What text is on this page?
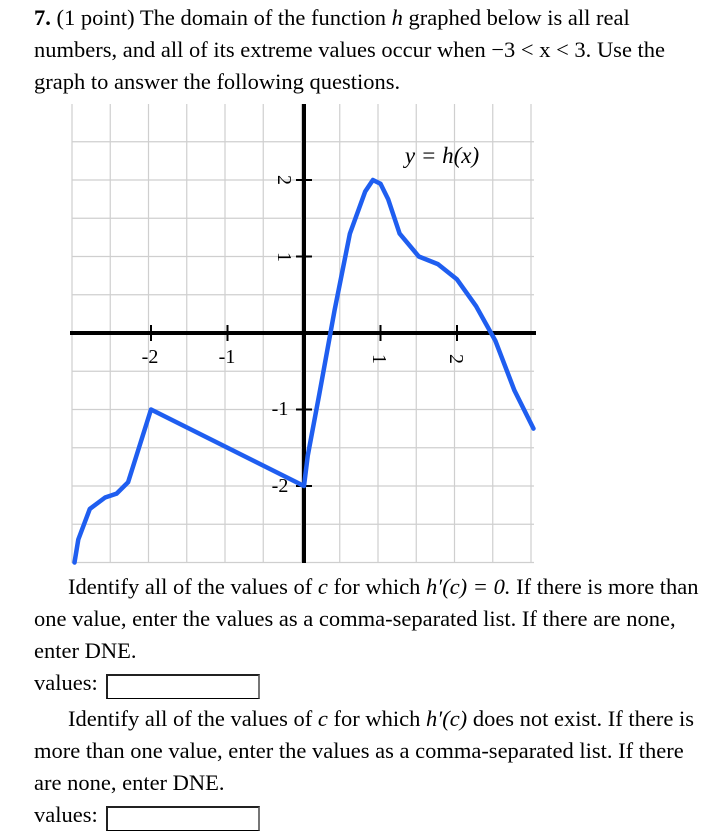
7. (1 point) The domain of the function h graphed below is all real numbers, and all of its extreme values occur when −3 < x < 3. Use the graph to answer the following questions.
-2	-1	1	2
2
1
-1
-2
y = h(x)
Identify all of the values of c for which h′(c) = 0. If there is more than one value, enter the values as a comma-separated list. If there are none, enter DNE.
values:
Identify all of the values of c for which h′(c) does not exist. If there is more than one value, enter the values as a comma-separated list. If there are none, enter DNE.
values:
